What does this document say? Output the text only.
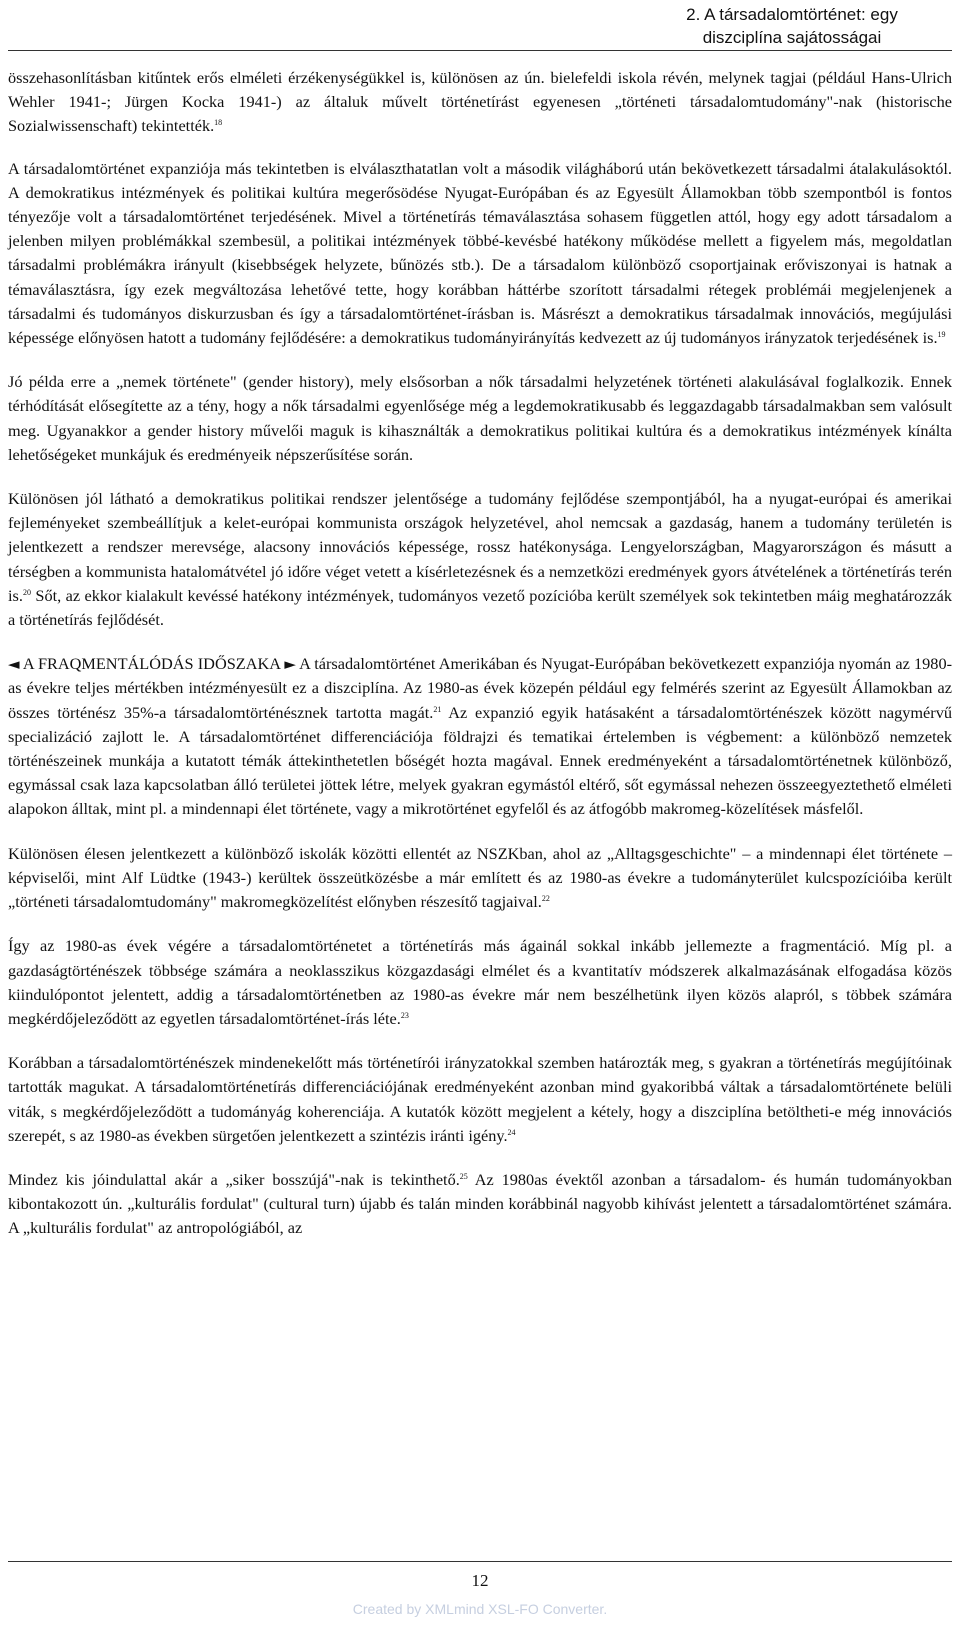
2. A társadalomtörténet: egy
diszciplína sajátosságai

összehasonlításban kitűntek erős elméleti érzékenységükkel is, különösen az ún. bielefeldi iskola révén, melynek tagjai (például Hans-Ulrich Wehler 1941-; Jürgen Kocka 1941-) az általuk művelt történetírást egyenesen „történeti társadalomtudomány"-nak (historische Sozialwissenschaft) tekintették.$^{18}$

A társadalomtörténet expanziója más tekintetben is elválaszthatatlan volt a második világháború után bekövetkezett társadalmi átalakulásoktól. A demokratikus intézmények és politikai kultúra megerősödése Nyugat-Európában és az Egyesült Államokban több szempontból is fontos tényezője volt a társadalomtörténet terjedésének. Mivel a történetírás témaválasztása sohasem független attól, hogy egy adott társadalom a jelenben milyen problémákkal szembesül, a politikai intézmények többé-kevésbé hatékony működése mellett a figyelem más, megoldatlan társadalmi problémákra irányult (kisebbségek helyzete, bűnözés stb.). De a társadalom különböző csoportjainak erőviszonyai is hatnak a témaválasztásra, így ezek megváltozása lehetővé tette, hogy korábban háttérbe szorított társadalmi rétegek problémái megjelenjenek a társadalmi és tudományos diskurzusban és így a társadalomtörténet-írásban is. Másrészt a demokratikus társadalmak innovációs, megújulási képessége előnyösen hatott a tudomány fejlődésére: a demokratikus tudományirányítás kedvezett az új tudományos irányzatok terjedésének is.$^{19}$

Jó példa erre a „nemek története" (gender history), mely elsősorban a nők társadalmi helyzetének történeti alakulásával foglalkozik. Ennek térhódítását elősegítette az a tény, hogy a nők társadalmi egyenlősége még a legdemokratikusabb és leggazdagabb társadalmakban sem valósult meg. Ugyanakkor a gender history művelői maguk is kihasználták a demokratikus politikai kultúra és a demokratikus intézmények kínálta lehetőségeket munkájuk és eredményeik népszerűsítése során.

Különösen jól látható a demokratikus politikai rendszer jelentősége a tudomány fejlődése szempontjából, ha a nyugat-európai és amerikai fejleményeket szembeállítjuk a kelet-európai kommunista országok helyzetével, ahol nemcsak a gazdaság, hanem a tudomány területén is jelentkezett a rendszer merevsége, alacsony innovációs képessége, rossz hatékonysága. Lengyelországban, Magyarországon és másutt a térségben a kommunista hatalomátvétel jó időre véget vetett a kísérletezésnek és a nemzetközi eredmények gyors átvételének a történetírás terén is.$^{20}$ Sőt, az ekkor kialakult kevéssé hatékony intézmények, tudományos vezető pozícióba került személyek sok tekintetben máig meghatározzák a történetírás fejlődését.

◄ A FRAQMENTÁLÓDÁS IDŐSZAKA ► A társadalomtörténet Amerikában és Nyugat-Európában bekövetkezett expanziója nyomán az 1980-as évekre teljes mértékben intézményesült ez a diszciplína. Az 1980-as évek közepén például egy felmérés szerint az Egyesült Államokban az összes történész 35%-a társadalomtörténésznek tartotta magát.$^{21}$ Az expanzió egyik hatásaként a társadalomtörténészek között nagymérvű specializáció zajlott le. A társadalomtörténet differenciációja földrajzi és tematikai értelemben is végbement: a különböző nemzetek történészeinek munkája a kutatott témák áttekinthetetlen bőségét hozta magával. Ennek eredményeként a társadalomtörténetnek különböző, egymással csak laza kapcsolatban álló területei jöttek létre, melyek gyakran egymástól eltérő, sőt egymással nehezen összeegyeztethető elméleti alapokon álltak, mint pl. a mindennapi élet története, vagy a mikrotörténet egyfelől és az átfogóbb makromeg-közelítések másfelől.

Különösen élesen jelentkezett a különböző iskolák közötti ellentét az NSZKban, ahol az „Alltagsgeschichte" – a mindennapi élet története – képviselői, mint Alf Lüdtke (1943-) kerültek összeütközésbe a már említett és az 1980-as évekre a tudományterület kulcspozícióiba került „történeti társadalomtudomány" makromegközelítést előnyben részesítő tagjaival.$^{22}$

Így az 1980-as évek végére a társadalomtörténetet a történetírás más ágainál sokkal inkább jellemezte a fragmentáció. Míg pl. a gazdaságtörténészek többsége számára a neoklasszikus közgazdasági elmélet és a kvantitatív módszerek alkalmazásának elfogadása közös kiindulópontot jelentett, addig a társadalomtörténetben az 1980-as évekre már nem beszélhetünk ilyen közös alapról, s többek számára megkérdőjeleződött az egyetlen társadalomtörténet-írás léte.$^{23}$

Korábban a társadalomtörténészek mindenekelőtt más történetírói irányzatokkal szemben határozták meg, s gyakran a történetírás megújítóinak tartották magukat. A társadalomtörténetírás differenciációjának eredményeként azonban mind gyakoribbá váltak a társadalomtörténete belüli viták, s megkérdőjeleződött a tudományág koherenciája. A kutatók között megjelent a kétely, hogy a diszciplína betöltheti-e még innovációs szerepét, s az 1980-as években sürgetően jelentkezett a szintézis iránti igény.$^{24}$

Mindez kis jóindulattal akár a „siker bosszújá"-nak is tekinthető.$^{25}$ Az 1980as évektől azonban a társadalom- és humán tudományokban kibontakozott ún. „kulturális fordulat" (cultural turn) újabb és talán minden korábbinál nagyobb kihívást jelentett a társadalomtörténet számára. A „kulturális fordulat" az antropológiából, az

12
Created by XMLmind XSL-FO Converter.
